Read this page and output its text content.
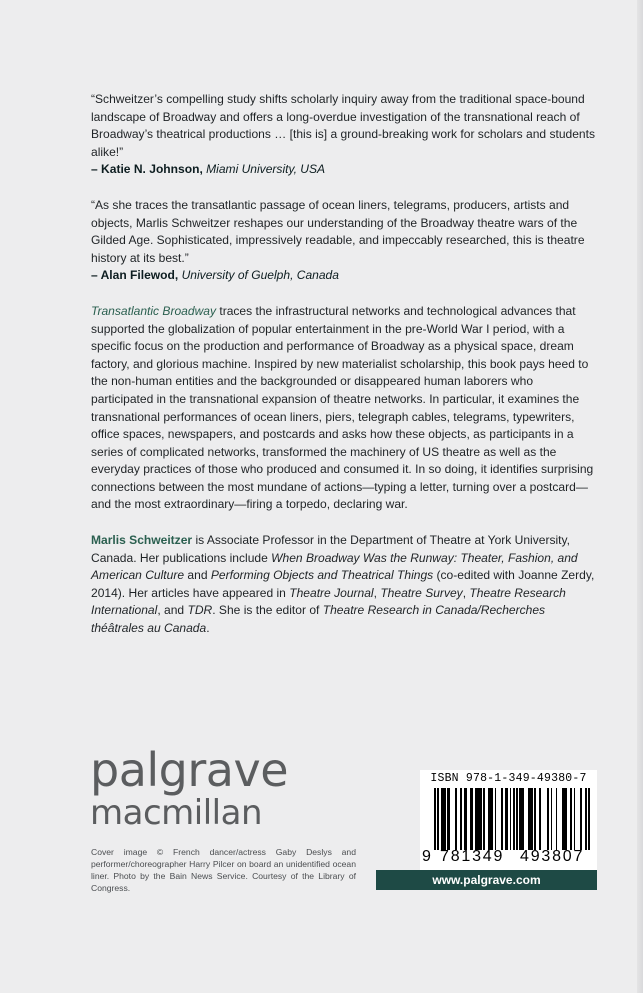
“Schweitzer’s compelling study shifts scholarly inquiry away from the traditional space-bound landscape of Broadway and offers a long-overdue investigation of the transnational reach of Broadway’s theatrical productions … [this is] a ground-breaking work for scholars and students alike!”
– Katie N. Johnson, Miami University, USA
“As she traces the transatlantic passage of ocean liners, telegrams, producers, artists and objects, Marlis Schweitzer reshapes our understanding of the Broadway theatre wars of the Gilded Age. Sophisticated, impressively readable, and impeccably researched, this is theatre history at its best.”
– Alan Filewod, University of Guelph, Canada
Transatlantic Broadway traces the infrastructural networks and technological advances that supported the globalization of popular entertainment in the pre-World War I period, with a specific focus on the production and performance of Broadway as a physical space, dream factory, and glorious machine. Inspired by new materialist scholarship, this book pays heed to the non-human entities and the backgrounded or disappeared human laborers who participated in the transnational expansion of theatre networks. In particular, it examines the transnational performances of ocean liners, piers, telegraph cables, telegrams, typewriters, office spaces, newspapers, and postcards and asks how these objects, as participants in a series of complicated networks, transformed the machinery of US theatre as well as the everyday practices of those who produced and consumed it. In so doing, it identifies surprising connections between the most mundane of actions—typing a letter, turning over a postcard—and the most extraordinary—firing a torpedo, declaring war.
Marlis Schweitzer is Associate Professor in the Department of Theatre at York University, Canada. Her publications include When Broadway Was the Runway: Theater, Fashion, and American Culture and Performing Objects and Theatrical Things (co-edited with Joanne Zerdy, 2014). Her articles have appeared in Theatre Journal, Theatre Survey, Theatre Research International, and TDR. She is the editor of Theatre Research in Canada/Recherches théâtrales au Canada.
palgrave
macmillan
Cover image © French dancer/actress Gaby Deslys and performer/choreographer Harry Pilcer on board an unidentified ocean liner. Photo by the Bain News Service. Courtesy of the Library of Congress.
ISBN 978-1-349-49380-7
9 781349 493807
www.palgrave.com
